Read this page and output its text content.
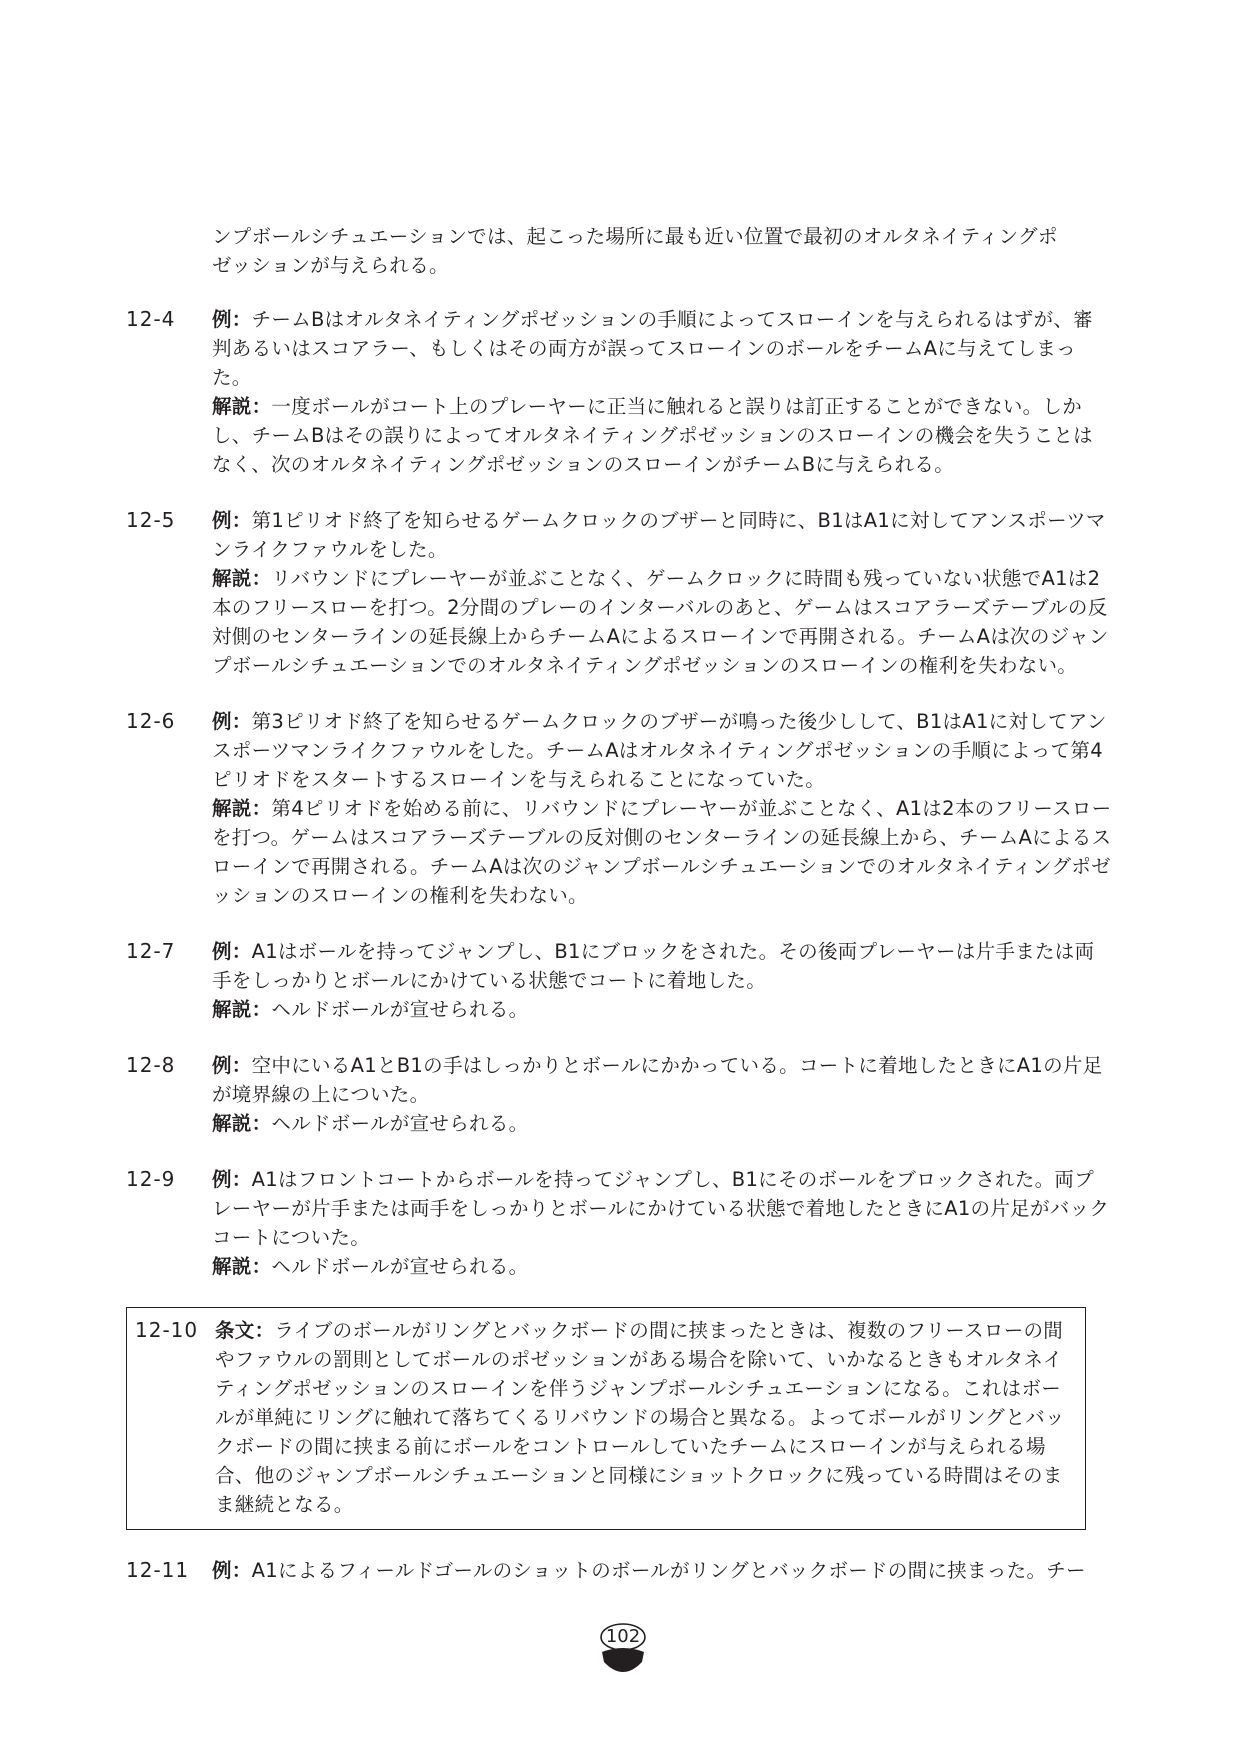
ンプボールシチュエーションでは、起こった場所に最も近い位置で最初のオルタネイティングポ

ゼッションが与えられる。

12-4	例：チームBはオルタネイティングポゼッションの手順によってスローインを与えられるはずが、審判あるいはスコアラー、もしくはその両方が誤ってスローインのボールをチームAに与えてしまった。

解説：一度ボールがコート上のプレーヤーに正当に触れると誤りは訂正することができない。しかし、チームBはその誤りによってオルタネイティングポゼッションのスローインの機会を失うことはなく、次のオルタネイティングポゼッションのスローインがチームBに与えられる。

12-5	例：第1ピリオド終了を知らせるゲームクロックのブザーと同時に、B1はA1に対してアンスポーツマンライクファウルをした。

解説：リバウンドにプレーヤーが並ぶことなく、ゲームクロックに時間も残っていない状態でA1は2本のフリースローを打つ。2分間のプレーのインターバルのあと、ゲームはスコアラーズテーブルの反対側のセンターラインの延長線上からチームAによるスローインで再開される。チームAは次のジャンプボールシチュエーションでのオルタネイティングポゼッションのスローインの権利を失わない。

12-6	例：第3ピリオド終了を知らせるゲームクロックのブザーが鳴った後少しして、B1はA1に対してアンスポーツマンライクファウルをした。チームAはオルタネイティングポゼッションの手順によって第4ピリオドをスタートするスローインを与えられることになっていた。

解説：第4ピリオドを始める前に、リバウンドにプレーヤーが並ぶことなく、A1は2本のフリースローを打つ。ゲームはスコアラーズテーブルの反対側のセンターラインの延長線上から、チームAによるスローインで再開される。チームAは次のジャンプボールシチュエーションでのオルタネイティングポゼッションのスローインの権利を失わない。

12-7	例：A1はボールを持ってジャンプし、B1にブロックをされた。その後両プレーヤーは片手または両手をしっかりとボールにかけている状態でコートに着地した。

解説：ヘルドボールが宣せられる。

12-8	例：空中にいるA1とB1の手はしっかりとボールにかかっている。コートに着地したときにA1の片足が境界線の上についた。

解説：ヘルドボールが宣せられる。

12-9	例：A1はフロントコートからボールを持ってジャンプし、B1にそのボールをブロックされた。両プレーヤーが片手または両手をしっかりとボールにかけている状態で着地したときにA1の片足がバックコートについた。

解説：ヘルドボールが宣せられる。

12-10 条文：ライブのボールがリングとバックボードの間に挟まったときは、複数のフリースローの間やファウルの罰則としてボールのポゼッションがある場合を除いて、いかなるときもオルタネイティングポゼッションのスローインを伴うジャンプボールシチュエーションになる。これはボールが単純にリングに触れて落ちてくるリバウンドの場合と異なる。よってボールがリングとバックボードの間に挟まる前にボールをコントロールしていたチームにスローインが与えられる場合、他のジャンプボールシチュエーションと同様にショットクロックに残っている時間はそのまま継続となる。

12-11	例：A1によるフィールドゴールのショットのボールがリングとバックボードの間に挟まった。チー

102
